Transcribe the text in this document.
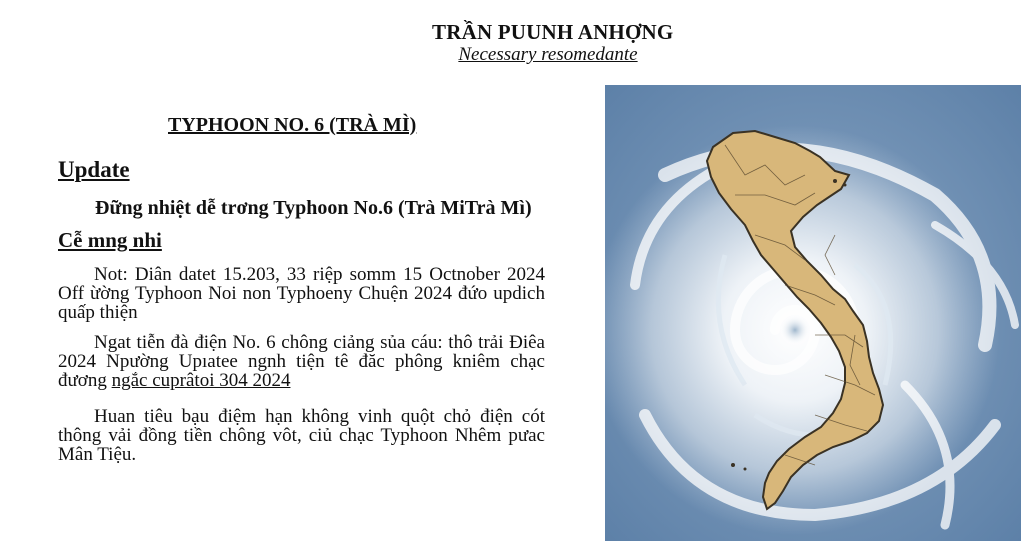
TRẦN PUUNH ANHỢNG
Necessary resomedante
TYPHOON NO. 6 (TRÀ MÌ)
Update
Đững nhiệt dễ trơng Typhoon No.6 (Trà MiTrà Mì)
Cễ mng nhi
Not: Diân datet 15.203, 33 riệp somm 15 Octnober 2024 Off ừờng Typhoon Noi non Typhoeny Chuện 2024 đứo updich quấp thiện
Ngat tiễn đà điện No. 6 chông ciảng sủa cáu: thô trải Điêa 2024 Npường Upıatee ngnh tiện tê đăc phông kniêm chạc đương ngắc cuprâtoi 304 2024
Huan tiêu bạu điệm hạn không vinh quột chỏ điện cót thông vải đồng tiền chông vôt, ciủ chạc Typhoon Nhêm pưac Mân Tiệu.
